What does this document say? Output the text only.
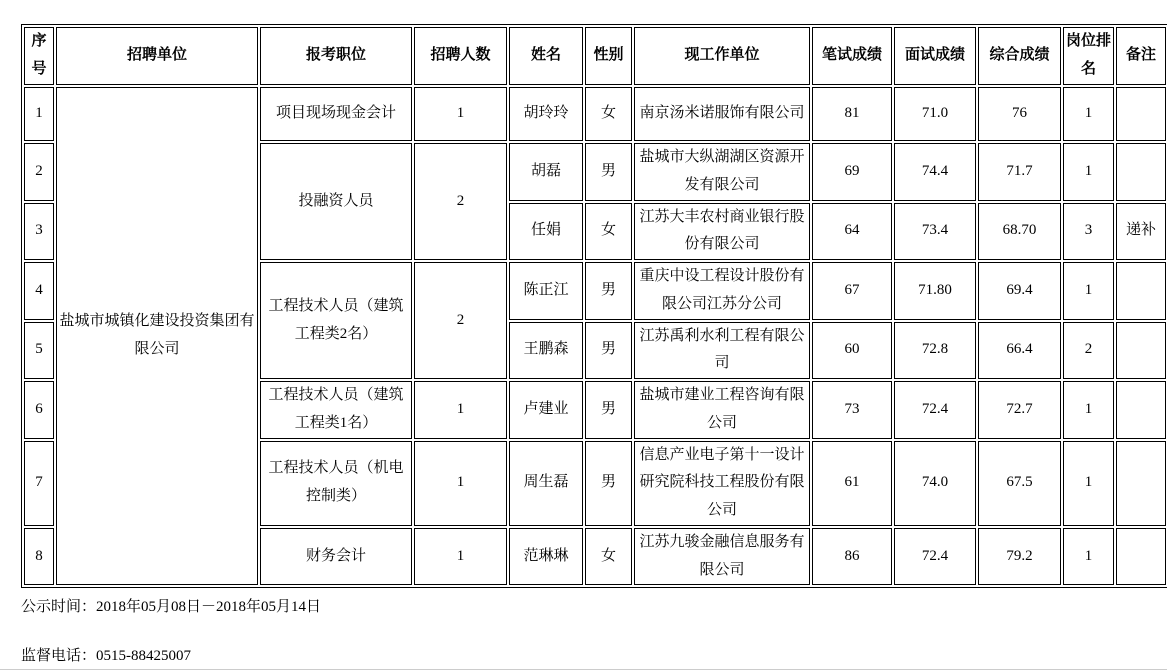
序号	招聘单位	报考职位	招聘人数	姓名	性别	现工作单位	笔试成绩	面试成绩	综合成绩	岗位排名	备注
1	盐城市城镇化建设投资集团有限公司	项目现场现金会计	1	胡玲玲	女	南京汤米诺服饰有限公司	81	71.0	76	1	
2		投融资人员	2	胡磊	男	盐城市大纵湖湖区资源开发有限公司	69	74.4	71.7	1	
3				任娟	女	江苏大丰农村商业银行股份有限公司	64	73.4	68.70	3	递补
4		工程技术人员（建筑工程类2名）	2	陈正江	男	重庆中设工程设计股份有限公司江苏分公司	67	71.80	69.4	1	
5				王鹏森	男	江苏禹利水利工程有限公司	60	72.8	66.4	2	
6		工程技术人员（建筑工程类1名）	1	卢建业	男	盐城市建业工程咨询有限公司	73	72.4	72.7	1	
7		工程技术人员（机电控制类）	1	周生磊	男	信息产业电子第十一设计研究院科技工程股份有限公司	61	74.0	67.5	1	
8		财务会计	1	范琳琳	女	江苏九骏金融信息服务有限公司	86	72.4	79.2	1	
公示时间：2018年05月08日－2018年05月14日
监督电话：0515-88425007
